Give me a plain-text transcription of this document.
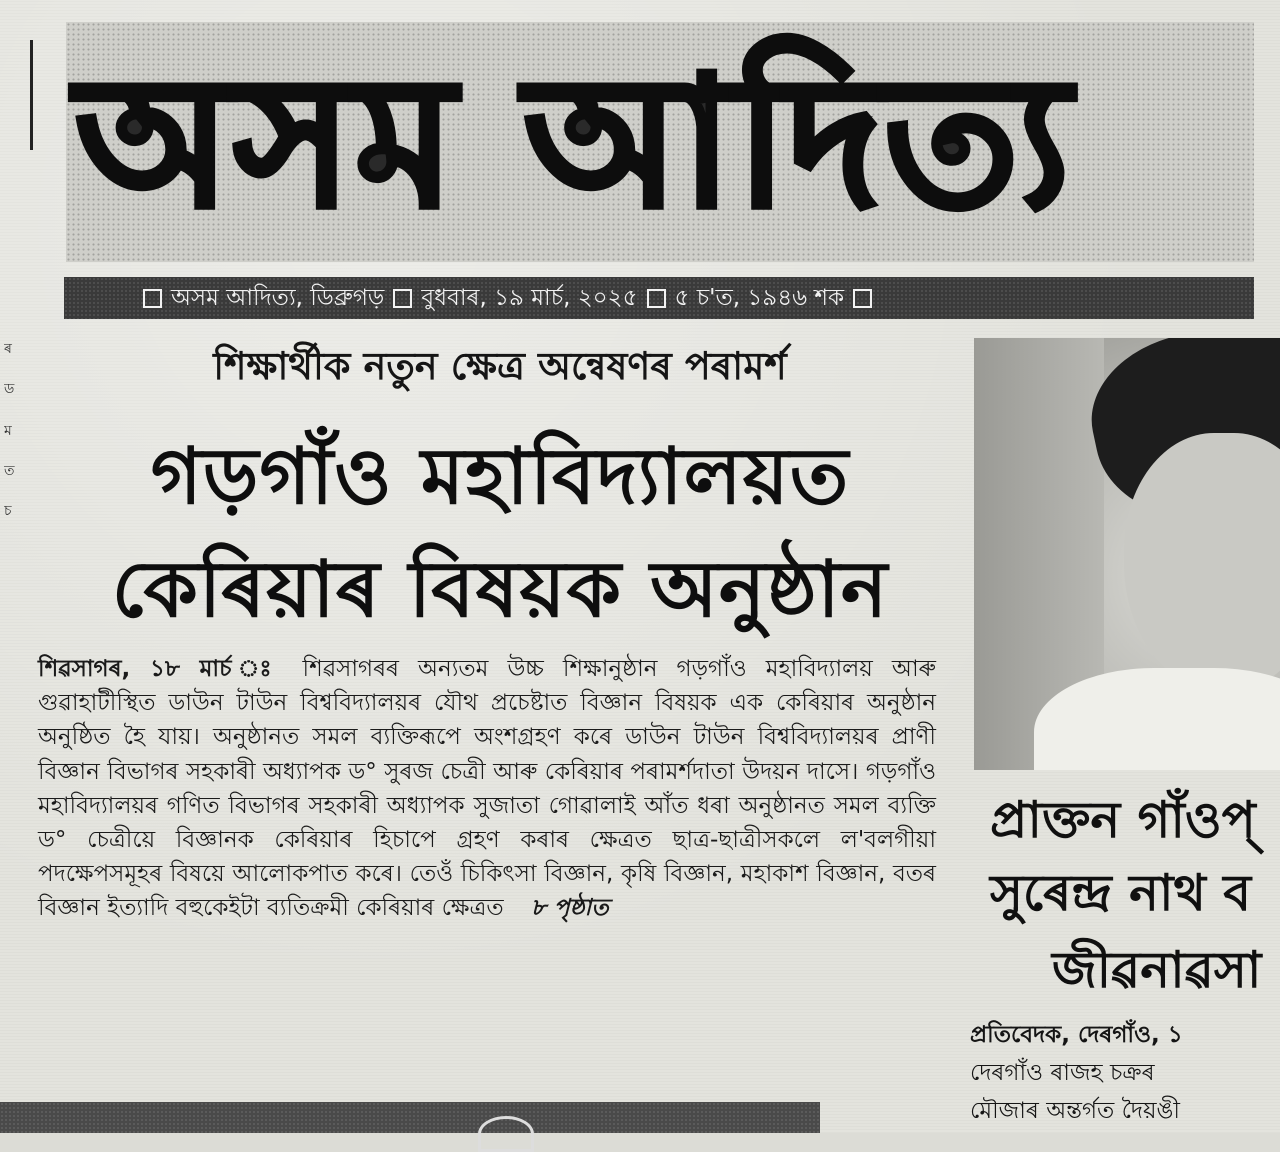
ৰ
ড
ম
ত
চ
অসম আদিত্য
অসম আদিত্য, ডিব্ৰুগড় বুধবাৰ, ১৯ মাৰ্চ, ২০২৫ ৫ চ'ত, ১৯৪৬ শক
শিক্ষাৰ্থীক নতুন ক্ষেত্ৰ অন্বেষণৰ পৰামৰ্শ
গড়গাঁও মহাবিদ্যালয়ত
কেৰিয়াৰ বিষয়ক অনুষ্ঠান
শিৱসাগৰ, ১৮ মাৰ্চ ঃ শিৱসাগৰৰ অন্যতম উচ্চ শিক্ষানুষ্ঠান গড়গাঁও মহাবিদ্যালয় আৰু গুৱাহাটীস্থিত ডাউন টাউন বিশ্ববিদ্যালয়ৰ যৌথ প্ৰচেষ্টাত বিজ্ঞান বিষয়ক এক কেৰিয়াৰ অনুষ্ঠান অনুষ্ঠিত হৈ যায়। অনুষ্ঠানত সমল ব্যক্তিৰূপে অংশগ্ৰহণ কৰে ডাউন টাউন বিশ্ববিদ্যালয়ৰ প্ৰাণী বিজ্ঞান বিভাগৰ সহকাৰী অধ্যাপক ড° সুৰজ চেত্ৰী আৰু কেৰিয়াৰ পৰামৰ্শদাতা উদয়ন দাসে। গড়গাঁও মহাবিদ্যালয়ৰ গণিত বিভাগৰ সহকাৰী অধ্যাপক সুজাতা গোৱালাই আঁত ধৰা অনুষ্ঠানত সমল ব্যক্তি ড° চেত্ৰীয়ে বিজ্ঞানক কেৰিয়াৰ হিচাপে গ্ৰহণ কৰাৰ ক্ষেত্ৰত ছাত্ৰ-ছাত্ৰীসকলে ল'বলগীয়া পদক্ষেপসমূহৰ বিষয়ে আলোকপাত কৰে। তেওঁ চিকিৎসা বিজ্ঞান, কৃষি বিজ্ঞান, মহাকাশ বিজ্ঞান, বতৰ বিজ্ঞান ইত্যাদি বহুকেইটা ব্যতিক্ৰমী কেৰিয়াৰ ক্ষেত্ৰত ৮ পৃষ্ঠাত
প্ৰাক্তন গাঁওপ্
সুৰেন্দ্ৰ নাথ ব
জীৱনাৱসা
প্ৰতিবেদক, দেৰগাঁও, ১
দেৰগাঁও ৰাজহ চক্ৰৰ
মৌজাৰ অন্তৰ্গত দৈয়ঙী
